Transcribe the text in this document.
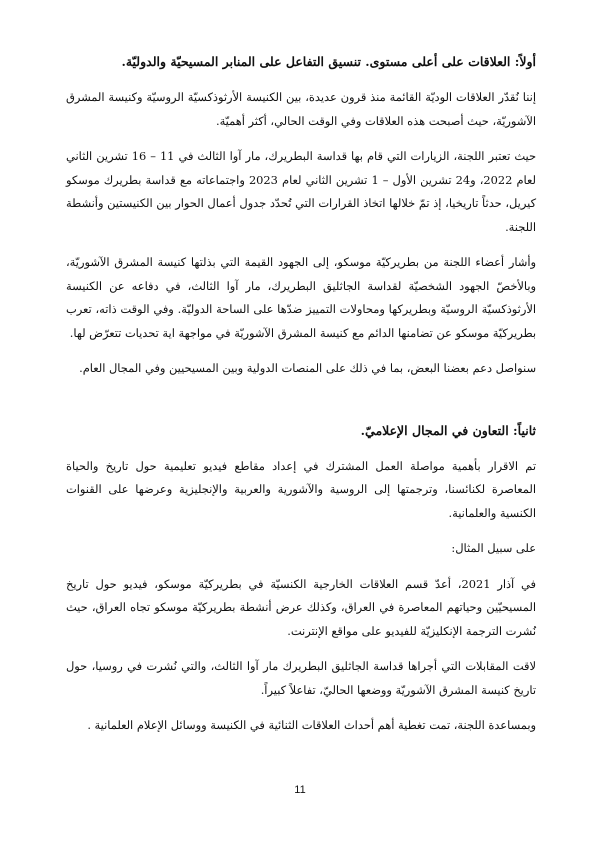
أولاً: العلاقات على أعلى مستوى. تنسيق التفاعل على المنابر المسيحيّة والدوليّة.

إننا نُقدّر العلاقات الوديّة القائمة منذ قرون عديدة، بين الكنيسة الأرثوذكسيّة الروسيّة وكنيسة المشرق الآشوريّة، حيث أصبحت هذه العلاقات وفي الوقت الحالي، أكثر أهميّة.

حيث تعتبر اللجنة، الزيارات التي قام بها قداسة البطريرك، مار آوا الثالث في 11 – 16 تشرين الثاني لعام 2022، و24 تشرين الأول – 1 تشرين الثاني لعام 2023 واجتماعاته مع قداسة بطريرك موسكو كيريل، حدثاً تاريخيا، إذ تمّ خلالها اتخاذ القرارات التي تُحدّد جدول أعمال الحوار بين الكنيستين وأنشطة اللجنة.

وأشار أعضاء اللجنة من بطريركيّة موسكو، إلى الجهود القيمة التي بذلتها كنيسة المشرق الآشوريّة، وبالأخصّ الجهود الشخصيّة لقداسة الجاثليق البطريرك، مار آوا الثالث، في دفاعه عن الكنيسة الأرثوذكسيّة الروسيّة وبطريركها ومحاولات التمييز ضدّها على الساحة الدوليّة. وفي الوقت ذاته، تعرب بطريركيّة موسكو عن تضامنها الدائم مع كنيسة المشرق الآشوريّة في مواجهة اية تحديات تتعرّض لها.

سنواصل دعم بعضنا البعض، بما في ذلك على المنصات الدولية وبين المسيحيين وفي المجال العام.

ثانياً: التعاون في المجال الإعلاميّ.

تم الاقرار بأهمية مواصلة العمل المشترك في إعداد مقاطع فيديو تعليمية حول تاريخ والحياة المعاصرة لكنائسنا، وترجمتها إلى الروسية والآشورية والعربية والإنجليزية وعرضها على القنوات الكنسية والعلمانية.

على سبيل المثال:

في آذار 2021، أعدّ قسم العلاقات الخارجية الكنسيّة في بطريركيّة موسكو، فيديو حول تاريخ المسيحيّين وحياتهم المعاصرة في العراق، وكذلك عرض أنشطة بطريركيّة موسكو تجاه العراق، حيث نُشرت الترجمة الإنكليزيّة للفيديو على مواقع الإنترنت.

لاقت المقابلات التي أجراها قداسة الجاثليق البطريرك مار آوا الثالث، والتي نُشرت في روسيا، حول تاريخ كنيسة المشرق الآشوريّة ووضعها الحاليّ، تفاعلاً كبيراً.

وبمساعدة اللجنة، تمت تغطية أهم أحداث العلاقات الثنائية في الكنيسة ووسائل الإعلام العلمانية .

11
